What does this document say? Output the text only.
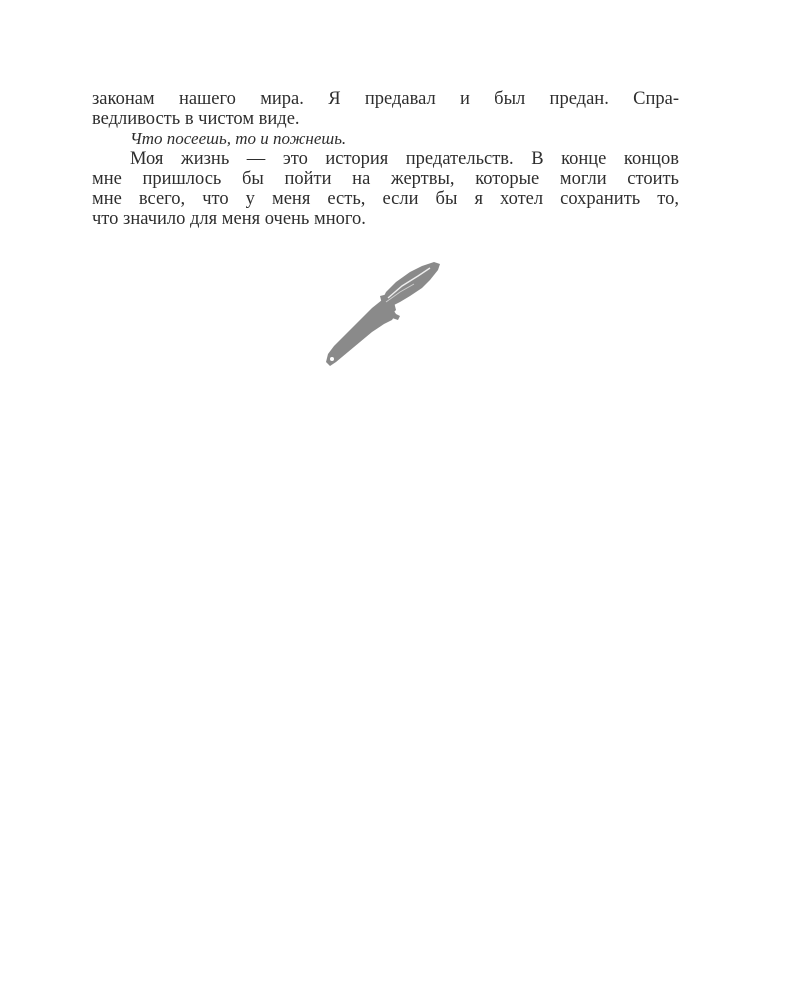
законам нашего мира. Я предавал и был предан. Спра-
ведливость в чистом виде.
Что посеешь, то и пожнешь.
Моя жизнь — это история предательств. В конце концов
мне пришлось бы пойти на жертвы, которые могли стоить
мне всего, что у меня есть, если бы я хотел сохранить то,
что значило для меня очень много.
